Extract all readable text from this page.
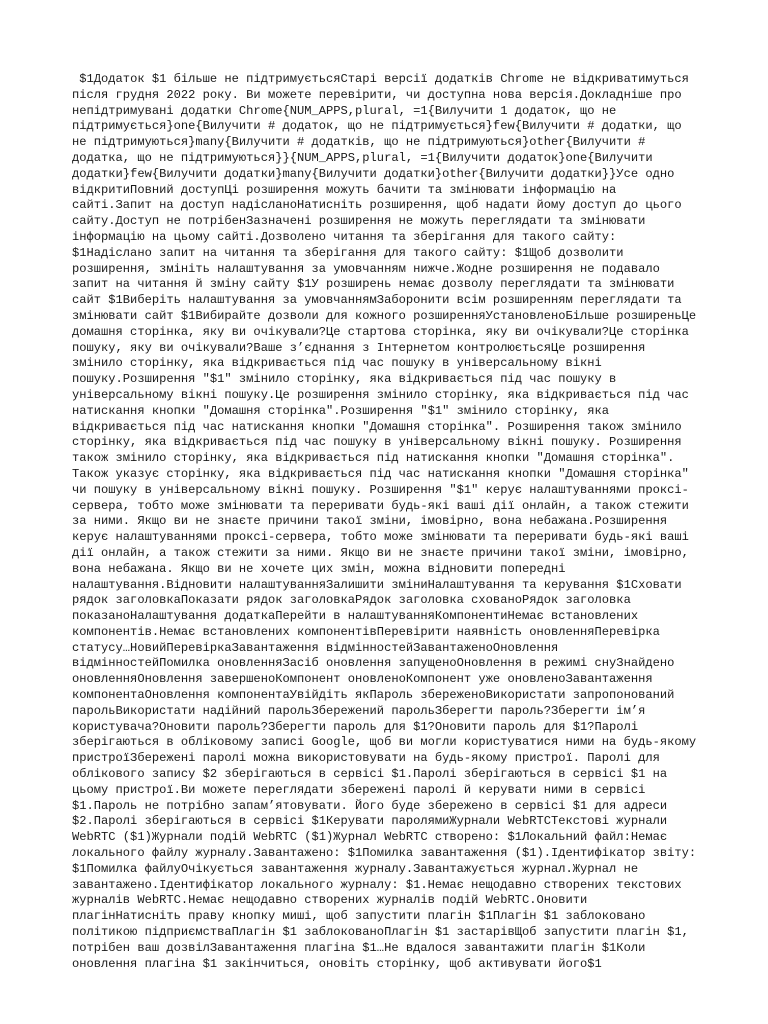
$1Додаток $1 більше не підтримуєтьсяСтарі версії додатків Chrome не відкриватимуться після грудня 2022 року. Ви можете перевірити, чи доступна нова версія.Докладніше про непідтримувані додатки Chrome{NUM_APPS,plural, =1{Вилучити 1 додаток, що не підтримується}one{Вилучити # додаток, що не підтримується}few{Вилучити # додатки, що не підтримуються}many{Вилучити # додатків, що не підтримуються}other{Вилучити # додатка, що не підтримуються}}{NUM_APPS,plural, =1{Вилучити додаток}one{Вилучити додатки}few{Вилучити додатки}many{Вилучити додатки}other{Вилучити додатки}}Усе одно відкритиПовний доступЦі розширення можуть бачити та змінювати інформацію на сайті.Запит на доступ надісланоНатисніть розширення, щоб надати йому доступ до цього сайту.Доступ не потрібенЗазначені розширення не можуть переглядати та змінювати інформацію на цьому сайті.Дозволено читання та зберігання для такого сайту: $1Надіслано запит на читання та зберігання для такого сайту: $1Щоб дозволити розширення, змініть налаштування за умовчанням нижче.Жодне розширення не подавало запит на читання й зміну сайту $1У розширень немає дозволу переглядати та змінювати сайт $1Виберіть налаштування за умовчаннямЗаборонити всім розширенням переглядати та змінювати сайт $1Вибирайте дозволи для кожного розширенняУстановленоБільше розширеньЦе домашня сторінка, яку ви очікували?Це стартова сторінка, яку ви очікували?Це сторінка пошуку, яку ви очікували?Ваше з’єднання з Інтернетом контролюєтьсяЦе розширення змінило сторінку, яка відкривається під час пошуку в універсальному вікні пошуку.Розширення "$1" змінило сторінку, яка відкривається під час пошуку в універсальному вікні пошуку.Це розширення змінило сторінку, яка відкривається під час натискання кнопки "Домашня сторінка".Розширення "$1" змінило сторінку, яка відкривається під час натискання кнопки "Домашня сторінка". Розширення також змінило сторінку, яка відкривається під час пошуку в універсальному вікні пошуку. Розширення також змінило сторінку, яка відкривається під натискання кнопки "Домашня сторінка".  Також указує сторінку, яка відкривається під час натискання кнопки "Домашня сторінка" чи пошуку в універсальному вікні пошуку. Розширення "$1" керує налаштуваннями проксі-сервера, тобто може змінювати та переривати будь-які ваші дії онлайн, а також стежити за ними. Якщо ви не знаєте причини такої зміни, імовірно, вона небажана.Розширення керує налаштуваннями проксі-сервера, тобто може змінювати та переривати будь-які ваші дії онлайн, а також стежити за ними. Якщо ви не знаєте причини такої зміни, імовірно, вона небажана. Якщо ви не хочете цих змін, можна відновити попередні налаштування.Відновити налаштуванняЗалишити зміниНалаштування та керування $1Сховати рядок заголовкаПоказати рядок заголовкаРядок заголовка схованоРядок заголовка показаноНалаштування додаткаПерейти в налаштуванняКомпонентиНемає встановлених компонентів.Немає встановлених компонентівПеревірити наявність оновленняПеревірка статусу…НовийПеревіркаЗавантаження відмінностейЗавантаженоОновлення відмінностейПомилка оновленняЗасіб оновлення запущеноОновлення в режимі снуЗнайдено оновленняОновлення завершеноКомпонент оновленоКомпонент уже оновленоЗавантаження компонентаОновлення компонентаУвійдіть якПароль збереженоВикористати запропонований парольВикористати надійний парольЗбережений парольЗберегти пароль?Зберегти ім’я користувача?Оновити пароль?Зберегти пароль для $1?Оновити пароль для $1?Паролі зберігаються в обліковому записі Google, щоб ви могли користуватися ними на будь-якому пристроїЗбережені паролі можна використовувати на будь-якому пристрої. Паролі для облікового запису $2 зберігаються в сервісі $1.Паролі зберігаються в сервісі $1 на цьому пристрої.Ви можете переглядати збережені паролі й керувати ними в сервісі $1.Пароль не потрібно запам’ятовувати. Його буде збережено в сервісі $1 для адреси $2.Паролі зберігаються в сервісі $1Керувати паролямиЖурнали WebRTCТекстові журнали WebRTC ($1)Журнали подій WebRTC ($1)Журнал WebRTC створено: $1Локальний файл:Немає локального файлу журналу.Завантажено: $1Помилка завантаження ($1).Ідентифікатор звіту: $1Помилка файлуОчікується завантаження журналу.Завантажується журнал.Журнал не завантажено.Ідентифікатор локального журналу: $1.Немає нещодавно створених текстових журналів WebRTC.Немає нещодавно створених журналів подій WebRTC.Оновити плагінНатисніть праву кнопку миші, щоб запустити плагін $1Плагін $1 заблоковано політикою підприємстваПлагін $1 заблокованоПлагін $1 застарівЩоб запустити плагін $1, потрібен ваш дозвілЗавантаження плагіна $1…Не вдалося завантажити плагін $1Коли оновлення плагіна $1 закінчиться, оновіть сторінку, щоб активувати його$1
